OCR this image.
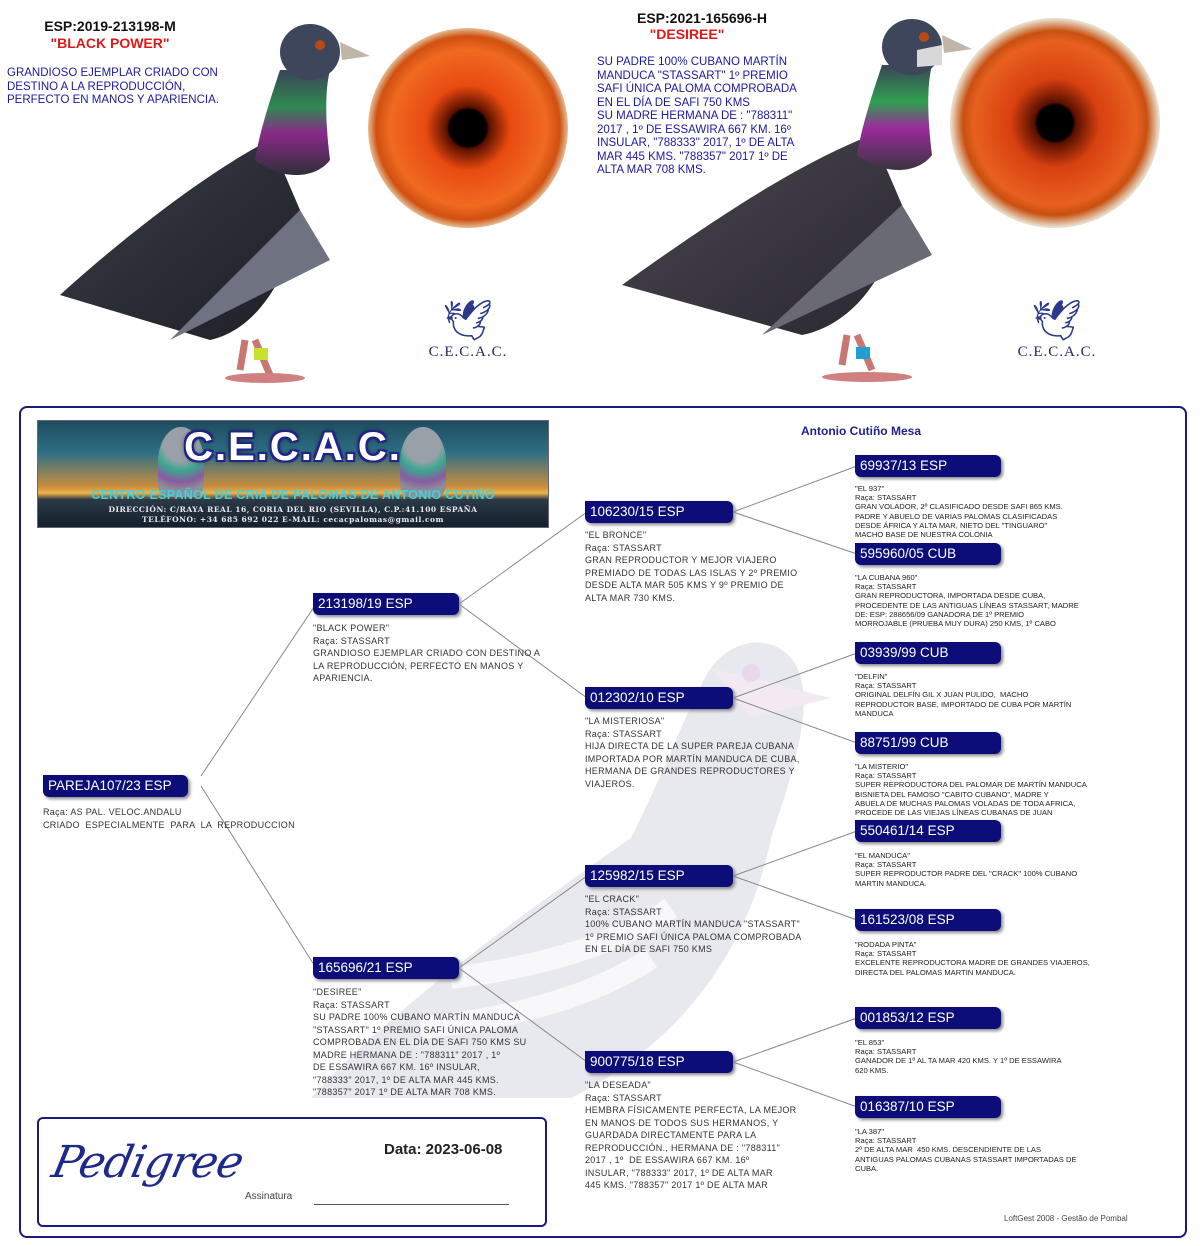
ESP:2019-213198-M
"BLACK POWER"
GRANDIOSO EJEMPLAR CRIADO CON
DESTINO A LA REPRODUCCIÓN,
PERFECTO EN MANOS Y APARIENCIA.
🕊
C.E.C.A.C.
ESP:2021-165696-H
"DESIREE"
SU PADRE 100% CUBANO MARTÍN
MANDUCA "STASSART" 1º PREMIO
SAFI ÚNICA PALOMA COMPROBADA
EN EL DÍA DE SAFI 750 KMS
SU MADRE HERMANA DE : "788311"
2017 , 1º DE ESSAWIRA 667 KM. 16º
INSULAR, "788333" 2017, 1º DE ALTA
MAR 445 KMS. "788357" 2017 1º DE
ALTA MAR 708 KMS.
🕊
C.E.C.A.C.
C.E.C.A.C.
CENTRO ESPAÑOL DE CRIA DE PALOMAS DE ANTONIO CUTIÑO
DIRECCIÓN: C/RAYA REAL 16, CORIA DEL RIO (SEVILLA), C.P.:41.100 ESPAÑA
TELÉFONO: +34 685 692 022 E-MAIL: cecacpalomas@gmail.com
Antonio Cutiño Mesa
PAREJA107/23 ESP
Raça: AS PAL. VELOC.ANDALU
CRIADO  ESPECIALMENTE  PARA  LA  REPRODUCCION
213198/19 ESP
"BLACK POWER"
Raça: STASSART
GRANDIOSO EJEMPLAR CRIADO CON DESTINO A
LA REPRODUCCIÓN, PERFECTO EN MANOS Y
APARIENCIA.
165696/21 ESP
"DESIREE"
Raça: STASSART
SU PADRE 100% CUBANO MARTÍN MANDUCA
"STASSART" 1º PREMIO SAFI ÚNICA PALOMA
COMPROBADA EN EL DÍA DE SAFI 750 KMS SU
MADRE HERMANA DE : "788311" 2017 , 1º
DE ESSAWIRA 667 KM. 16º INSULAR,
"788333" 2017, 1º DE ALTA MAR 445 KMS.
"788357" 2017 1º DE ALTA MAR 708 KMS.
106230/15 ESP
"EL BRONCE"
Raça: STASSART
GRAN REPRODUCTOR Y MEJOR VIAJERO
PREMIADO DE TODAS LAS ISLAS Y 2º PREMIO
DESDE ALTA MAR 505 KMS Y 9º PREMIO DE
ALTA MAR 730 KMS.
012302/10 ESP
"LA MISTERIOSA"
Raça: STASSART
HIJA DIRECTA DE LA SUPER PAREJA CUBANA
IMPORTADA POR MARTÍN MANDUCA DE CUBA,
HERMANA DE GRANDES REPRODUCTORES Y
VIAJEROS.
125982/15 ESP
"EL CRACK"
Raça: STASSART
100% CUBANO MARTÍN MANDUCA "STASSART"
1º PREMIO SAFI ÚNICA PALOMA COMPROBADA
EN EL DÍA DE SAFI 750 KMS
900775/18 ESP
"LA DESEADA"
Raça: STASSART
HEMBRA FÍSICAMENTE PERFECTA, LA MEJOR
EN MANOS DE TODOS SUS HERMANOS, Y
GUARDADA DIRECTAMENTE PARA LA
REPRODUCCIÓN., HERMANA DE : "788311"
2017 , 1º  DE ESSAWIRA 667 KM. 16º
INSULAR, "788333" 2017, 1º DE ALTA MAR
445 KMS. "788357" 2017 1º DE ALTA MAR
69937/13 ESP
"EL 937"
Raça: STASSART
GRAN VOLADOR, 2º CLASIFICADO DESDE SAFI 865 KMS.
PADRE Y ABUELO DE VARIAS PALOMAS CLASIFICADAS
DESDE ÁFRICA Y ALTA MAR, NIETO DEL "TINGUARO"
MACHO BASE DE NUESTRA COLONIA
595960/05 CUB
"LA CUBANA 960"
Raça: STASSART
GRAN REPRODUCTORA, IMPORTADA DESDE CUBA,
PROCEDENTE DE LAS ANTIGUAS LÍNEAS STASSART, MADRE
DE: ESP: 288656/09 GANADORA DE 1º PREMIO
MORROJABLE (PRUEBA MUY DURA) 250 KMS, 1º CABO
03939/99 CUB
"DELFIN"
Raça: STASSART
ORIGINAL DELFÍN GIL X JUAN PULIDO,  MACHO
REPRODUCTOR BASE, IMPORTADO DE CUBA POR MARTÍN
MANDUCA
88751/99 CUB
"LA MISTERIO"
Raça: STASSART
SUPER REPRODUCTORA DEL PALOMAR DE MARTÍN MANDUCA
BISNIETA DEL FAMOSO "CABITO CUBANO", MADRE Y
ABUELA DE MUCHAS PALOMAS VOLADAS DE TODA AFRICA,
PROCEDE DE LAS VIEJAS LÍNEAS CUBANAS DE JUAN
550461/14 ESP
"EL MANDUCA"
Raça: STASSART
SUPER REPRODUCTOR PADRE DEL "CRACK" 100% CUBANO
MARTIN MANDUCA.
161523/08 ESP
"RODADA PINTA"
Raça: STASSART
EXCELENTE REPRODUCTORA MADRE DE GRANDES VIAJEROS,
DIRECTA DEL PALOMAS MARTIN MANDUCA.
001853/12 ESP
"EL 853"
Raça: STASSART
GANADOR DE 1º AL TA MAR 420 KMS. Y 1º DE ESSAWIRA
620 KMS.
016387/10 ESP
"LA 387"
Raça: STASSART
2º DE ALTA MAR  450 KMS. DESCENDIENTE DE LAS
ANTIGUAS PALOMAS CUBANAS STASSART IMPORTADAS DE
CUBA.
Pedigree	Data: 2023-06-08
Assinatura
LoftGest 2008 - Gestão de Pombal
